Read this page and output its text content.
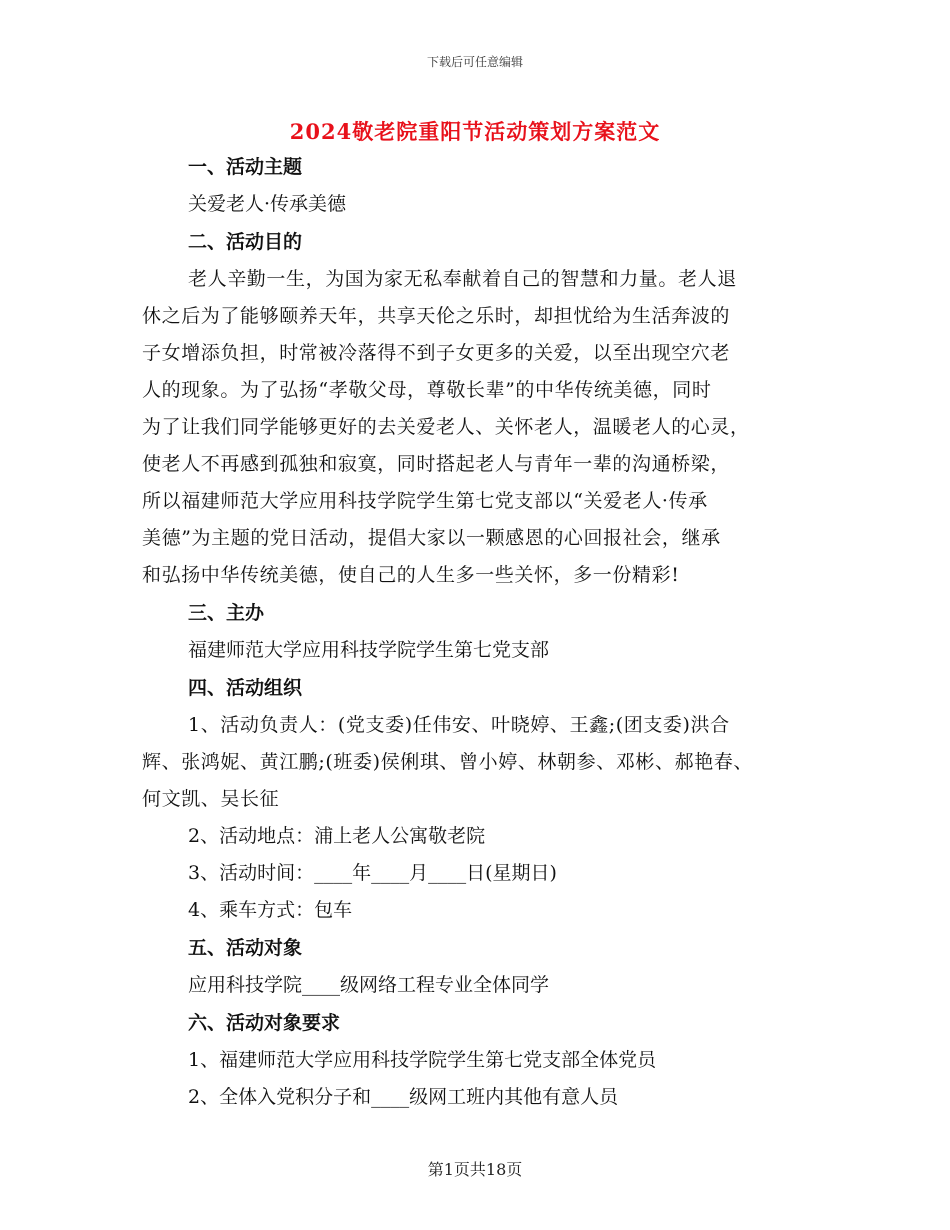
下载后可任意编辑
2024敬老院重阳节活动策划方案范文
一、活动主题
关爱老人·传承美德
二、活动目的
老人辛勤一生，为国为家无私奉献着自己的智慧和力量。老人退
休之后为了能够颐养天年，共享天伦之乐时，却担忧给为生活奔波的
子女增添负担，时常被冷落得不到子女更多的关爱，以至出现空穴老
人的现象。为了弘扬“孝敬父母，尊敬长辈”的中华传统美德，同时
为了让我们同学能够更好的去关爱老人、关怀老人，温暖老人的心灵，
使老人不再感到孤独和寂寞，同时搭起老人与青年一辈的沟通桥梁，
所以福建师范大学应用科技学院学生第七党支部以“关爱老人·传承
美德”为主题的党日活动，提倡大家以一颗感恩的心回报社会，继承
和弘扬中华传统美德，使自己的人生多一些关怀，多一份精彩!
三、主办
福建师范大学应用科技学院学生第七党支部
四、活动组织
1、活动负责人：(党支委)任伟安、叶晓婷、王鑫;(团支委)洪合
辉、张鸿妮、黄江鹏;(班委)侯俐琪、曾小婷、林朝参、邓彬、郝艳春、
何文凯、吴长征
2、活动地点：浦上老人公寓敬老院
3、活动时间：____年____月____日(星期日)
4、乘车方式：包车
五、活动对象
应用科技学院____级网络工程专业全体同学
六、活动对象要求
1、福建师范大学应用科技学院学生第七党支部全体党员
2、全体入党积分子和____级网工班内其他有意人员
第1页共18页
